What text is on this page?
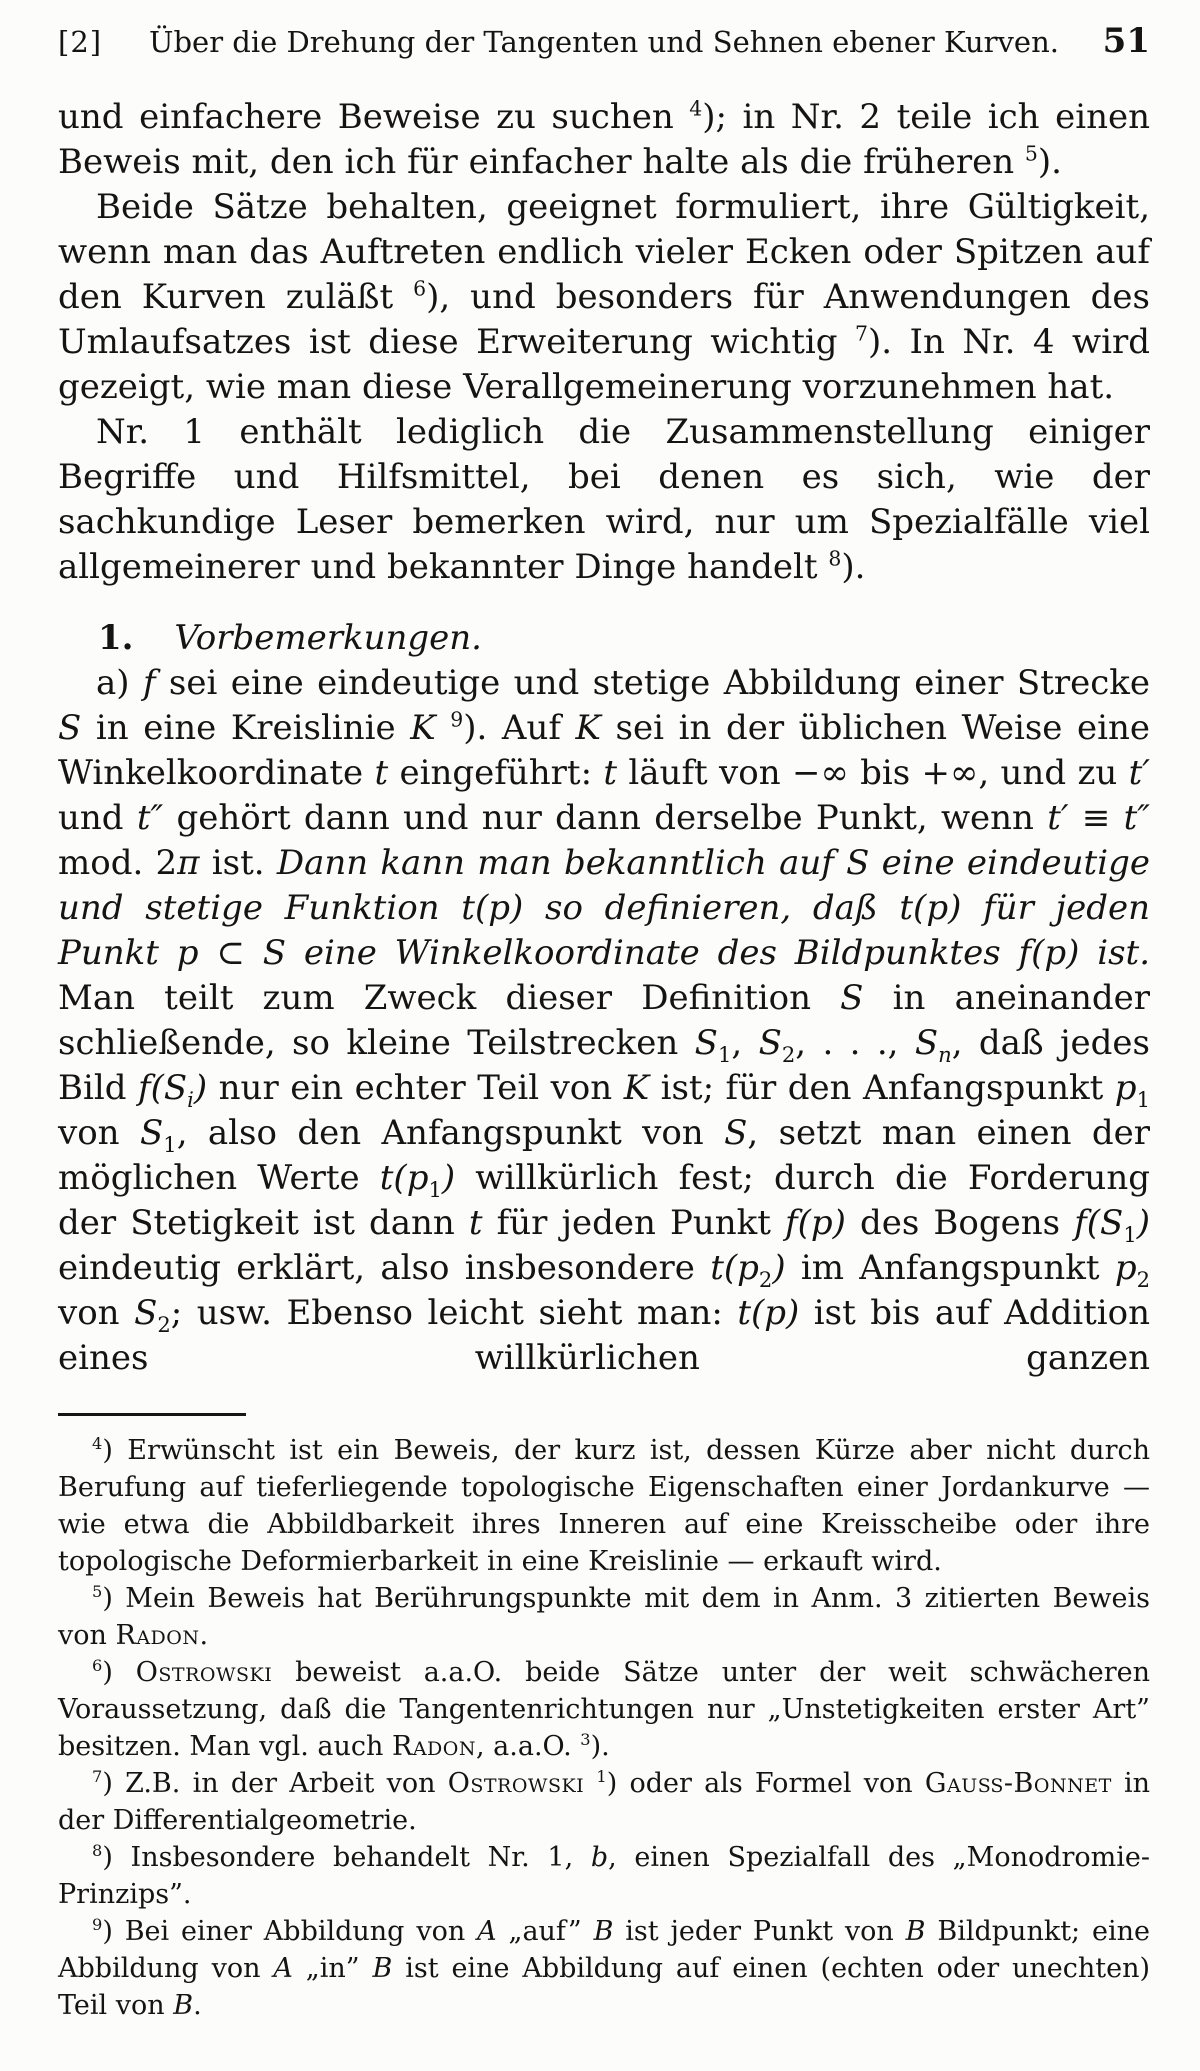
[2]	Über die Drehung der Tangenten und Sehnen ebener Kurven.	51

und einfachere Beweise zu suchen $^4$); in Nr. 2 teile ich einen Beweis mit, den ich für einfacher halte als die früheren $^5$).

Beide Sätze behalten, geeignet formuliert, ihre Gültigkeit, wenn man das Auftreten endlich vieler Ecken oder Spitzen auf den Kurven zuläßt $^6$), und besonders für Anwendungen des Umlaufsatzes ist diese Erweiterung wichtig $^7$). In Nr. 4 wird gezeigt, wie man diese Verallgemeinerung vorzunehmen hat.

Nr. 1 enthält lediglich die Zusammenstellung einiger Begriffe und Hilfsmittel, bei denen es sich, wie der sachkundige Leser bemerken wird, nur um Spezialfälle viel allgemeinerer und bekannter Dinge handelt $^8$).

1. Vorbemerkungen.

a) f sei eine eindeutige und stetige Abbildung einer Strecke S in eine Kreislinie K $^9$). Auf K sei in der üblichen Weise eine Winkelkoordinate t eingeführt: t läuft von −∞ bis +∞, und zu t′ und t″ gehört dann und nur dann derselbe Punkt, wenn t′ ≡ t″ mod. 2π ist. Dann kann man bekanntlich auf S eine eindeutige und stetige Funktion t(p) so definieren, daß t(p) für jeden Punkt p ⊂ S eine Winkelkoordinate des Bildpunktes f(p) ist. Man teilt zum Zweck dieser Definition S in aneinander schließende, so kleine Teilstrecken $S_1$, $S_2$, . . ., $S_n$, daß jedes Bild $f(S_i)$ nur ein echter Teil von K ist; für den Anfangspunkt $p_1$ von $S_1$, also den Anfangspunkt von S, setzt man einen der möglichen Werte $t(p_1)$ willkürlich fest; durch die Forderung der Stetigkeit ist dann t für jeden Punkt f(p) des Bogens $f(S_1)$ eindeutig erklärt, also insbesondere $t(p_2)$ im Anfangspunkt $p_2$ von $S_2$; usw. Ebenso leicht sieht man: t(p) ist bis auf Addition eines willkürlichen ganzen

$^4$) Erwünscht ist ein Beweis, der kurz ist, dessen Kürze aber nicht durch Berufung auf tieferliegende topologische Eigenschaften einer Jordankurve — wie etwa die Abbildbarkeit ihres Inneren auf eine Kreisscheibe oder ihre topologische Deformierbarkeit in eine Kreislinie — erkauft wird.

$^5$) Mein Beweis hat Berührungspunkte mit dem in Anm. 3 zitierten Beweis von Radon.

$^6$) Ostrowski beweist a.a.O. beide Sätze unter der weit schwächeren Voraussetzung, daß die Tangentenrichtungen nur „Unstetigkeiten erster Art” besitzen. Man vgl. auch Radon, a.a.O. $^3$).

$^7$) Z.B. in der Arbeit von Ostrowski $^1$) oder als Formel von Gauß-Bonnet in der Differentialgeometrie.

$^8$) Insbesondere behandelt Nr. 1, b, einen Spezialfall des „Monodromie-Prinzips”.

$^9$) Bei einer Abbildung von A „auf” B ist jeder Punkt von B Bildpunkt; eine Abbildung von A „in” B ist eine Abbildung auf einen (echten oder unechten) Teil von B.
